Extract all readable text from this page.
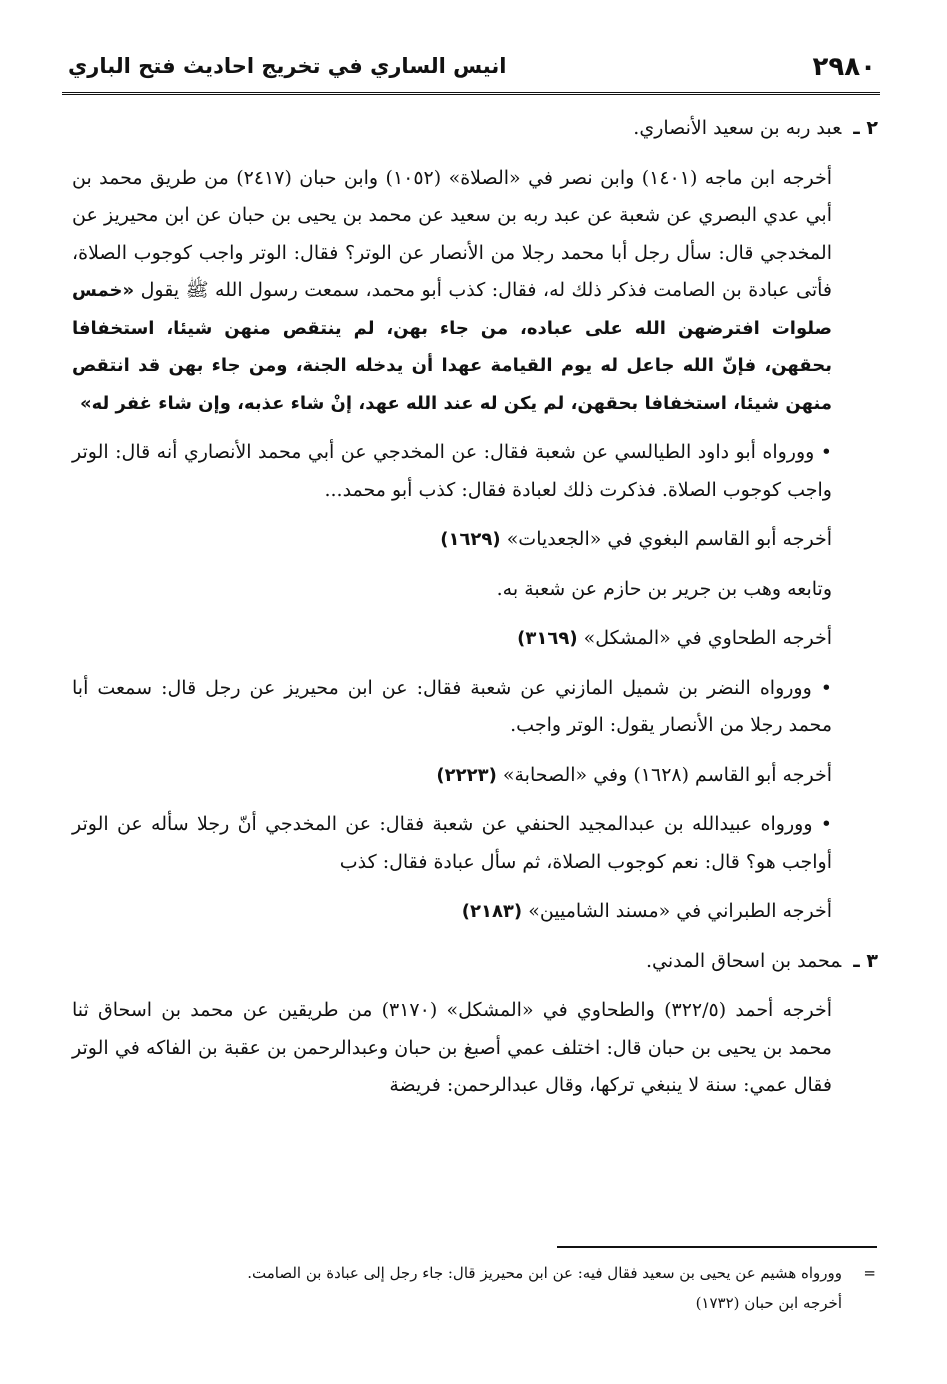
٢٩٨٠
انيس الساري في تخريج احاديث فتح الباري

٢ ـعبد ربه بن سعيد الأنصاري.

أخرجه ابن ماجه (١٤٠١) وابن نصر في «الصلاة» (١٠٥٢) وابن حبان (٢٤١٧) من طريق محمد بن أبي عدي البصري عن شعبة عن عبد ربه بن سعيد عن محمد بن يحيى بن حبان عن ابن محيريز عن المخدجي قال: سأل رجل أبا محمد رجلا من الأنصار عن الوتر؟ فقال: الوتر واجب كوجوب الصلاة، فأتى عبادة بن الصامت فذكر ذلك له، فقال: كذب أبو محمد، سمعت رسول الله ﷺ يقول «خمس صلوات افترضهن الله على عباده، من جاء بهن، لم ينتقص منهن شيئا، استخفافا بحقهن، فإنّ الله جاعل له يوم القيامة عهدا أن يدخله الجنة، ومن جاء بهن قد انتقص منهن شيئا، استخفافا بحقهن، لم يكن له عند الله عهد، إنْ شاء عذبه، وإن شاء غفر له»

• وورواه أبو داود الطيالسي عن شعبة فقال: عن المخدجي عن أبي محمد الأنصاري أنه قال: الوتر واجب كوجوب الصلاة. فذكرت ذلك لعبادة فقال: كذب أبو محمد...

أخرجه أبو القاسم البغوي في «الجعديات» (١٦٢٩)

وتابعه وهب بن جرير بن حازم عن شعبة به.

أخرجه الطحاوي في «المشكل» (٣١٦٩)

• وورواه النضر بن شميل المازني عن شعبة فقال: عن ابن محيريز عن رجل قال: سمعت أبا محمد رجلا من الأنصار يقول: الوتر واجب.

أخرجه أبو القاسم (١٦٢٨) وفي «الصحابة» (٢٢٢٣)

• وورواه عبيدالله بن عبدالمجيد الحنفي عن شعبة فقال: عن المخدجي أنّ رجلا سأله عن الوتر أواجب هو؟ قال: نعم كوجوب الصلاة، ثم سأل عبادة فقال: كذب

أخرجه الطبراني في «مسند الشاميين» (٢١٨٣)

٣ ـمحمد بن اسحاق المدني.

أخرجه أحمد (٣٢٢/٥) والطحاوي في «المشكل» (٣١٧٠) من طريقين عن محمد بن اسحاق ثنا محمد بن يحيى بن حبان قال: اختلف عمي أصبغ بن حبان وعبدالرحمن بن عقبة بن الفاكه في الوتر فقال عمي: سنة لا ينبغي تركها، وقال عبدالرحمن: فريضة

=

وورواه هشيم عن يحيى بن سعيد فقال فيه: عن ابن محيريز قال: جاء رجل إلى عبادة بن الصامت.

أخرجه ابن حبان (١٧٣٢)
